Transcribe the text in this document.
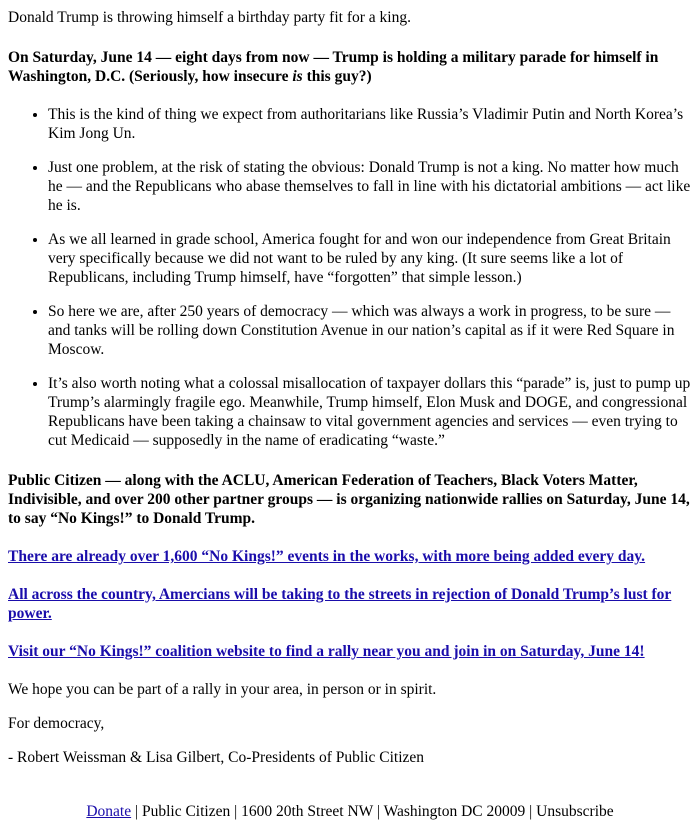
Donald Trump is throwing himself a birthday party fit for a king.

On Saturday, June 14 — eight days from now — Trump is holding a military parade for himself in Washington, D.C. (Seriously, how insecure is this guy?)

• This is the kind of thing we expect from authoritarians like Russia’s Vladimir Putin and North Korea’s Kim Jong Un.
• Just one problem, at the risk of stating the obvious: Donald Trump is not a king. No matter how much he — and the Republicans who abase themselves to fall in line with his dictatorial ambitions — act like he is.
• As we all learned in grade school, America fought for and won our independence from Great Britain very specifically because we did not want to be ruled by any king. (It sure seems like a lot of Republicans, including Trump himself, have “forgotten” that simple lesson.)
• So here we are, after 250 years of democracy — which was always a work in progress, to be sure — and tanks will be rolling down Constitution Avenue in our nation’s capital as if it were Red Square in Moscow.
• It’s also worth noting what a colossal misallocation of taxpayer dollars this “parade” is, just to pump up Trump’s alarmingly fragile ego. Meanwhile, Trump himself, Elon Musk and DOGE, and congressional Republicans have been taking a chainsaw to vital government agencies and services — even trying to cut Medicaid — supposedly in the name of eradicating “waste.”

Public Citizen — along with the ACLU, American Federation of Teachers, Black Voters Matter, Indivisible, and over 200 other partner groups — is organizing nationwide rallies on Saturday, June 14, to say “No Kings!” to Donald Trump.

There are already over 1,600 “No Kings!” events in the works, with more being added every day.

All across the country, Amercians will be taking to the streets in rejection of Donald Trump’s lust for power.

Visit our “No Kings!” coalition website to find a rally near you and join in on Saturday, June 14!

We hope you can be part of a rally in your area, in person or in spirit.

For democracy,

- Robert Weissman & Lisa Gilbert, Co-Presidents of Public Citizen

Donate | Public Citizen | 1600 20th Street NW | Washington DC 20009 | Unsubscribe
